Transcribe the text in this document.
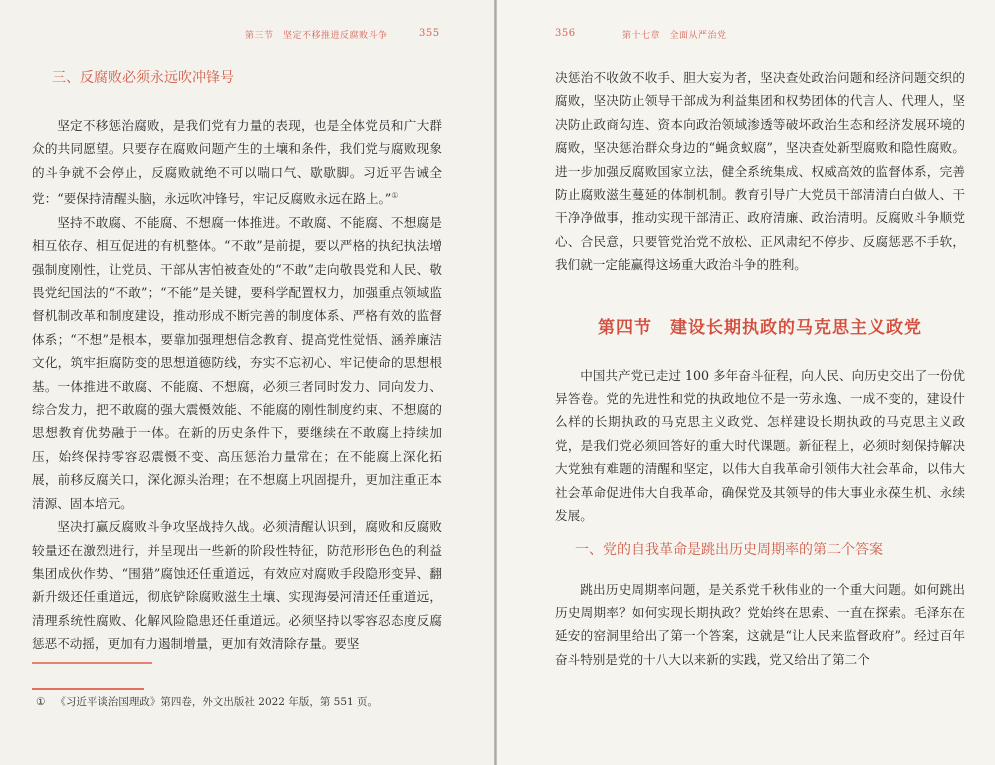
第三节　坚定不移推进反腐败斗争	355
三、反腐败必须永远吹冲锋号

坚定不移惩治腐败，是我们党有力量的表现，也是全体党员和广大群众的共同愿望。只要存在腐败问题产生的土壤和条件，我们党与腐败现象的斗争就不会停止，反腐败就绝不可以喘口气、歇歇脚。习近平告诫全党：“要保持清醒头脑，永远吹冲锋号，牢记反腐败永远在路上。”①

坚持不敢腐、不能腐、不想腐一体推进。不敢腐、不能腐、不想腐是相互依存、相互促进的有机整体。“不敢”是前提，要以严格的执纪执法增强制度刚性，让党员、干部从害怕被查处的“不敢”走向敬畏党和人民、敬畏党纪国法的“不敢”；“不能”是关键，要科学配置权力，加强重点领域监督机制改革和制度建设，推动形成不断完善的制度体系、严格有效的监督体系；“不想”是根本，要靠加强理想信念教育、提高党性觉悟、涵养廉洁文化，筑牢拒腐防变的思想道德防线，夯实不忘初心、牢记使命的思想根基。一体推进不敢腐、不能腐、不想腐，必须三者同时发力、同向发力、综合发力，把不敢腐的强大震慑效能、不能腐的刚性制度约束、不想腐的思想教育优势融于一体。在新的历史条件下，要继续在不敢腐上持续加压，始终保持零容忍震慑不变、高压惩治力量常在；在不能腐上深化拓展，前移反腐关口，深化源头治理；在不想腐上巩固提升，更加注重正本清源、固本培元。

坚决打赢反腐败斗争攻坚战持久战。必须清醒认识到，腐败和反腐败较量还在激烈进行，并呈现出一些新的阶段性特征，防范形形色色的利益集团成伙作势、“围猎”腐蚀还任重道远，有效应对腐败手段隐形变异、翻新升级还任重道远，彻底铲除腐败滋生土壤、实现海晏河清还任重道远，清理系统性腐败、化解风险隐患还任重道远。必须坚持以零容忍态度反腐惩恶不动摇，更加有力遏制增量，更加有效清除存量。要坚

① 《习近平谈治国理政》第四卷，外文出版社 2022 年版，第 551 页。
356	第十七章　全面从严治党

决惩治不收敛不收手、胆大妄为者，坚决查处政治问题和经济问题交织的腐败，坚决防止领导干部成为利益集团和权势团体的代言人、代理人，坚决防止政商勾连、资本向政治领域渗透等破坏政治生态和经济发展环境的腐败，坚决惩治群众身边的“蝇贪蚁腐”，坚决查处新型腐败和隐性腐败。进一步加强反腐败国家立法，健全系统集成、权威高效的监督体系，完善防止腐败滋生蔓延的体制机制。教育引导广大党员干部清清白白做人、干干净净做事，推动实现干部清正、政府清廉、政治清明。反腐败斗争顺党心、合民意，只要管党治党不放松、正风肃纪不停步、反腐惩恶不手软，我们就一定能赢得这场重大政治斗争的胜利。

第四节　建设长期执政的马克思主义政党

中国共产党已走过 100 多年奋斗征程，向人民、向历史交出了一份优异答卷。党的先进性和党的执政地位不是一劳永逸、一成不变的，建设什么样的长期执政的马克思主义政党、怎样建设长期执政的马克思主义政党，是我们党必须回答好的重大时代课题。新征程上，必须时刻保持解决大党独有难题的清醒和坚定，以伟大自我革命引领伟大社会革命，以伟大社会革命促进伟大自我革命，确保党及其领导的伟大事业永葆生机、永续发展。

一、党的自我革命是跳出历史周期率的第二个答案

跳出历史周期率问题，是关系党千秋伟业的一个重大问题。如何跳出历史周期率？如何实现长期执政？党始终在思索、一直在探索。毛泽东在延安的窑洞里给出了第一个答案，这就是“让人民来监督政府”。经过百年奋斗特别是党的十八大以来新的实践，党又给出了第二个
